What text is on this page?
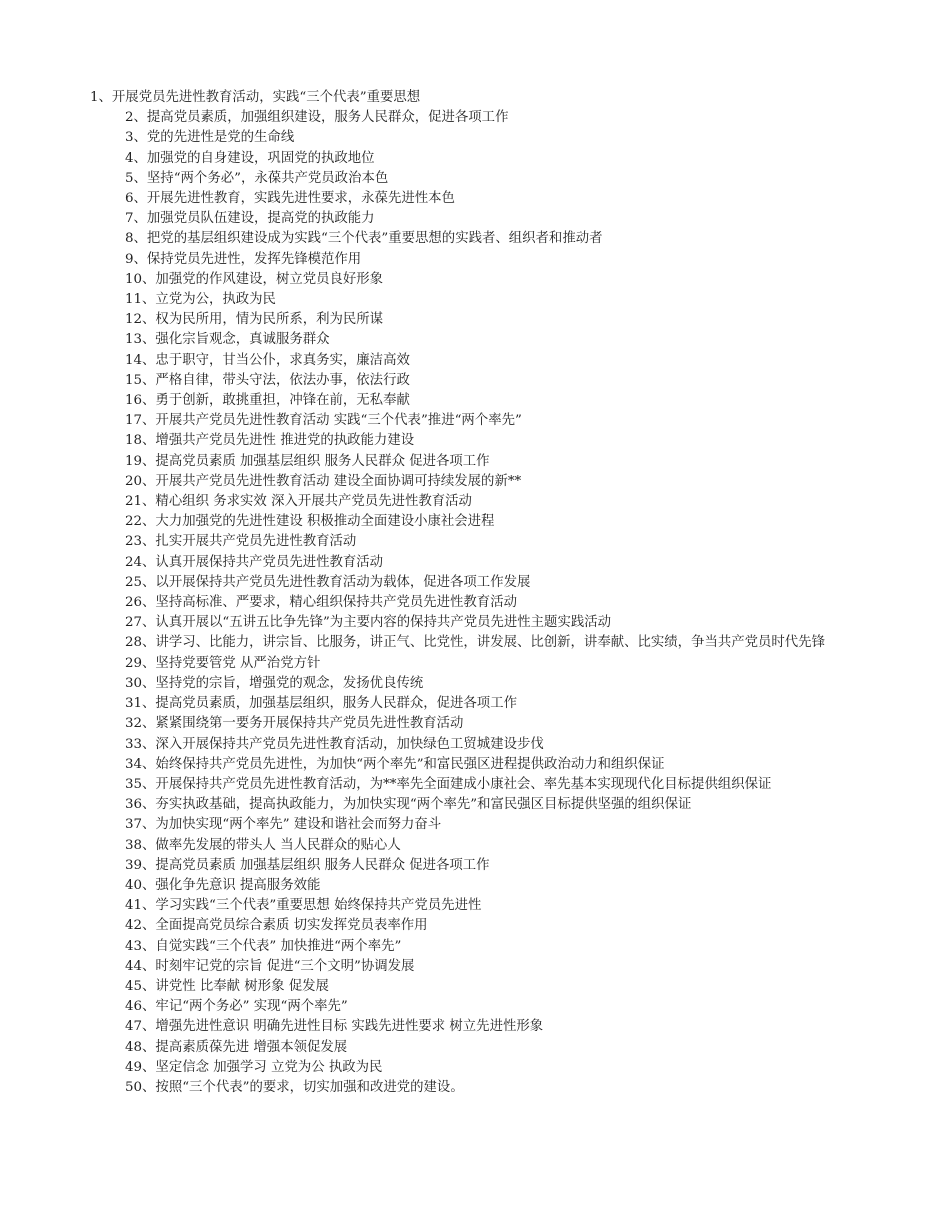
1、开展党员先进性教育活动，实践“三个代表”重要思想

2、提高党员素质，加强组织建设，服务人民群众，促进各项工作

3、党的先进性是党的生命线

4、加强党的自身建设，巩固党的执政地位

5、坚持“两个务必”，永葆共产党员政治本色

6、开展先进性教育，实践先进性要求，永葆先进性本色

7、加强党员队伍建设，提高党的执政能力

8、把党的基层组织建设成为实践“三个代表”重要思想的实践者、组织者和推动者

9、保持党员先进性，发挥先锋模范作用

10、加强党的作风建设，树立党员良好形象

11、立党为公，执政为民

12、权为民所用，情为民所系，利为民所谋

13、强化宗旨观念，真诚服务群众

14、忠于职守，甘当公仆，求真务实，廉洁高效

15、严格自律，带头守法，依法办事，依法行政

16、勇于创新，敢挑重担，冲锋在前，无私奉献

17、开展共产党员先进性教育活动 实践“三个代表”推进“两个率先”

18、增强共产党员先进性 推进党的执政能力建设

19、提高党员素质 加强基层组织 服务人民群众 促进各项工作

20、开展共产党员先进性教育活动 建设全面协调可持续发展的新**

21、精心组织 务求实效 深入开展共产党员先进性教育活动

22、大力加强党的先进性建设 积极推动全面建设小康社会进程

23、扎实开展共产党员先进性教育活动

24、认真开展保持共产党员先进性教育活动

25、以开展保持共产党员先进性教育活动为载体，促进各项工作发展

26、坚持高标准、严要求，精心组织保持共产党员先进性教育活动

27、认真开展以“五讲五比争先锋”为主要内容的保持共产党员先进性主题实践活动

28、讲学习、比能力，讲宗旨、比服务，讲正气、比党性，讲发展、比创新，讲奉献、比实绩，争当共产党员时代先锋

29、坚持党要管党 从严治党方针

30、坚持党的宗旨，增强党的观念，发扬优良传统

31、提高党员素质，加强基层组织，服务人民群众，促进各项工作

32、紧紧围绕第一要务开展保持共产党员先进性教育活动

33、深入开展保持共产党员先进性教育活动，加快绿色工贸城建设步伐

34、始终保持共产党员先进性，为加快“两个率先”和富民强区进程提供政治动力和组织保证

35、开展保持共产党员先进性教育活动，为**率先全面建成小康社会、率先基本实现现代化目标提供组织保证

36、夯实执政基础，提高执政能力，为加快实现“两个率先”和富民强区目标提供坚强的组织保证

37、为加快实现“两个率先” 建设和谐社会而努力奋斗

38、做率先发展的带头人 当人民群众的贴心人

39、提高党员素质 加强基层组织 服务人民群众 促进各项工作

40、强化争先意识 提高服务效能

41、学习实践“三个代表”重要思想 始终保持共产党员先进性

42、全面提高党员综合素质 切实发挥党员表率作用

43、自觉实践“三个代表” 加快推进“两个率先”

44、时刻牢记党的宗旨 促进“三个文明”协调发展

45、讲党性 比奉献 树形象 促发展

46、牢记“两个务必” 实现“两个率先”

47、增强先进性意识 明确先进性目标 实践先进性要求 树立先进性形象

48、提高素质葆先进 增强本领促发展

49、坚定信念 加强学习 立党为公 执政为民

50、按照“三个代表”的要求，切实加强和改进党的建设。
